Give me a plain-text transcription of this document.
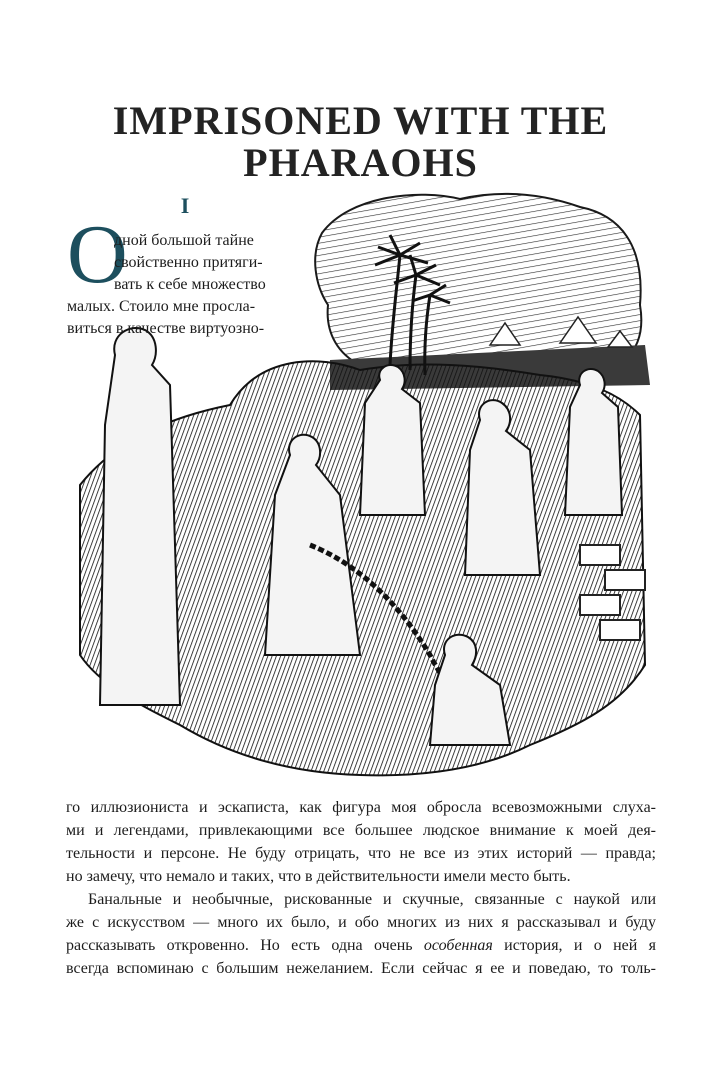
IMPRISONED WITH THE
PHARAOHS
I
О
дной большой тайне
свойственно притяги-
вать к себе множество
малых. Стоило мне просла-
виться в качестве виртуозно-
го иллюзиониста и эскаписта, как фигура моя обросла всевозможными слуха-
ми и легендами, привлекающими все большее людское внимание к моей дея-
тельности и персоне. Не буду отрицать, что не все из этих историй — правда;
но замечу, что немало и таких, что в действительности имели место быть.
Банальные и необычные, рискованные и скучные, связанные с наукой или
же с искусством — много их было, и обо многих из них я рассказывал и буду
рассказывать откровенно. Но есть одна очень особенная история, и о ней я
всегда вспоминаю с большим нежеланием. Если сейчас я ее и поведаю, то толь-
